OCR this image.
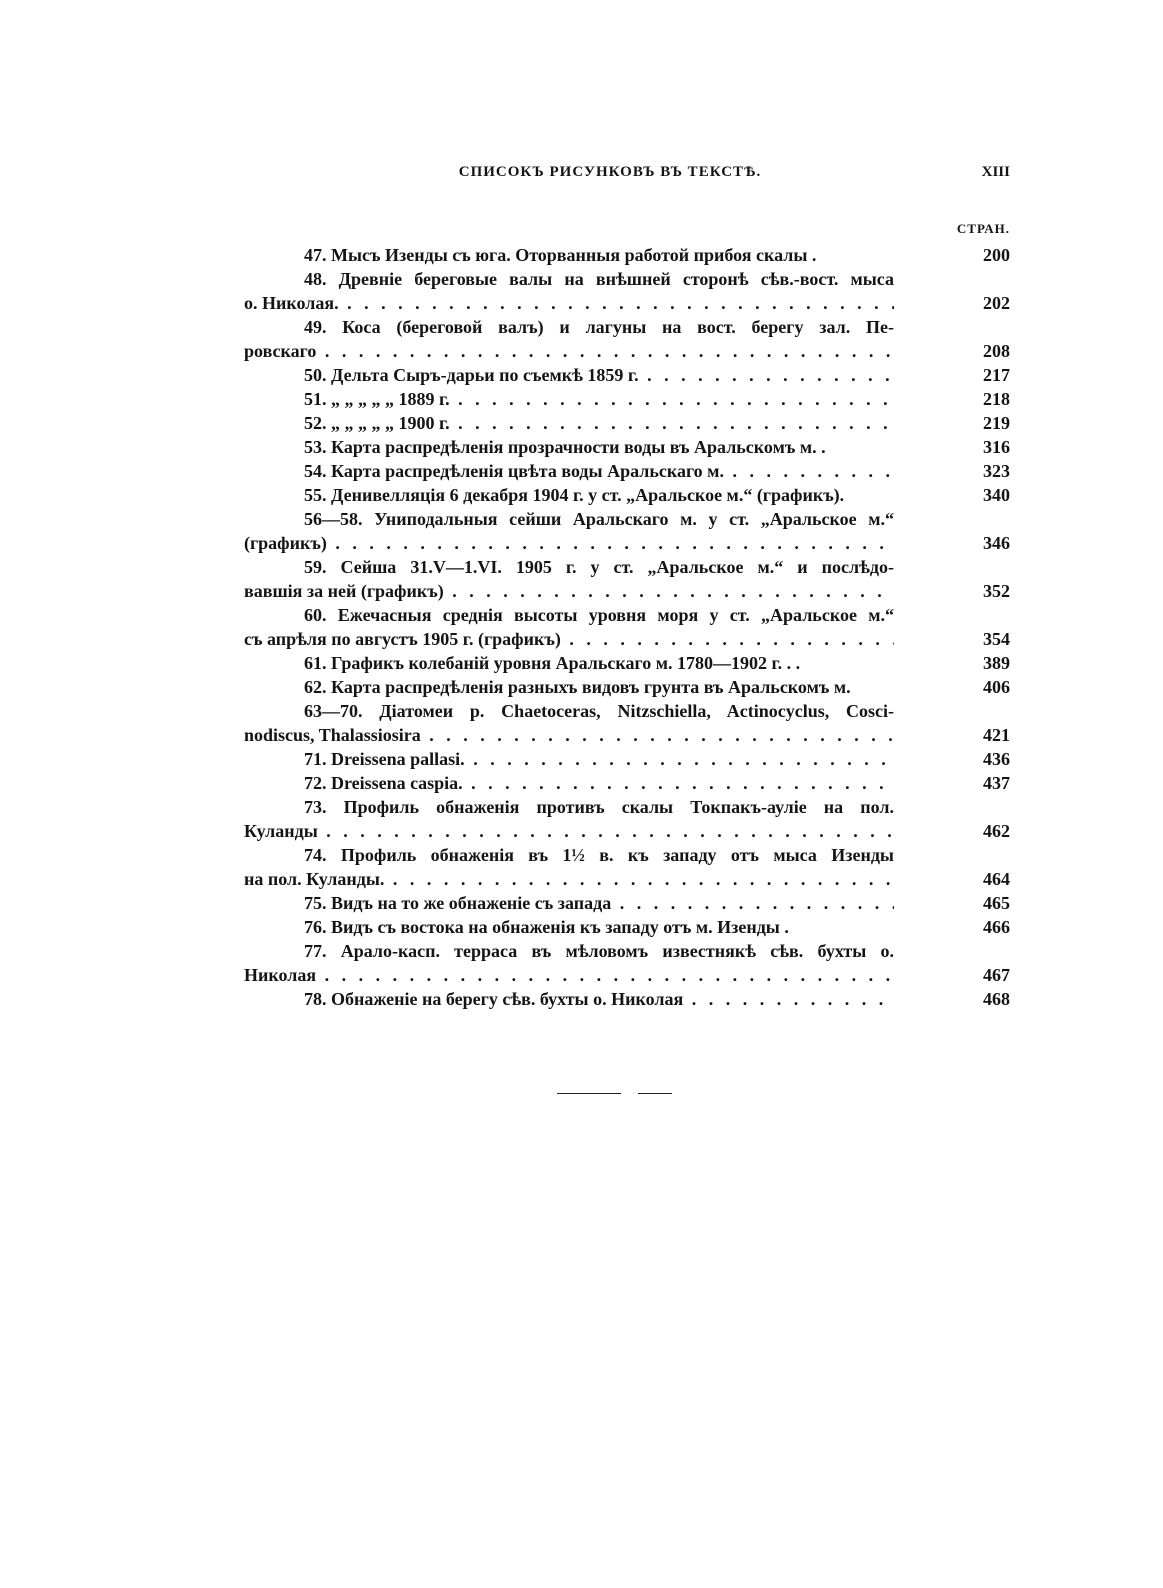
СПИСОКЪ РИСУНКОВЪ ВЪ ТЕКСТѢ.	XIII
СТРАН.
47. Мысъ Изенды съ юга. Оторванныя работой прибоя скалы .	200
48. Древніе береговые валы на внѣшней сторонѣ сѣв.-вост. мыса
о. Николая. . . .	202
49. Коса (береговой валъ) и лагуны на вост. берегу зал. Пе-
ровскаго . . .	208
50. Дельта Сыръ-дарьи по съемкѣ 1859 г. . . .	217
51. „ „ „ „ „ 1889 г. . . .	218
52. „ „ „ „ „ 1900 г. . . .	219
53. Карта распредѣленія прозрачности воды въ Аральскомъ м. .	316
54. Карта распредѣленія цвѣта воды Аральскаго м. . . .	323
55. Денивелляція 6 декабря 1904 г. у ст. „Аральское м.“ (графикъ).	340
56—58. Униподальныя сейши Аральскаго м. у ст. „Аральское м.“
(графикъ) . . .	346
59. Сейша 31.V—1.VI. 1905 г. у ст. „Аральское м.“ и послѣдо-
вавшія за ней (графикъ) . . .	352
60. Ежечасныя среднія высоты уровня моря у ст. „Аральское м.“
съ апрѣля по августъ 1905 г. (графикъ) . . .	354
61. Графикъ колебаній уровня Аральскаго м. 1780—1902 г. . .	389
62. Карта распредѣленія разныхъ видовъ грунта въ Аральскомъ м.	406
63—70. Діатомеи р. Chaetoceras, Nitzschiella, Actinocyclus, Cosci-
nodiscus, Thalassiosira . . .	421
71. Dreissena pallasi. . . .	436
72. Dreissena caspia. . . .	437
73. Профиль обнаженія противъ скалы Токпакъ-ауліе на пол.
Куланды . . .	462
74. Профиль обнаженія въ 1½ в. къ западу отъ мыса Изенды
на пол. Куланды. . . .	464
75. Видъ на то же обнаженіе съ запада . . .	465
76. Видъ съ востока на обнаженія къ западу отъ м. Изенды .	466
77. Арало-касп. терраса въ мѣловомъ известнякѣ сѣв. бухты о.
Николая . . .	467
78. Обнаженіе на берегу сѣв. бухты о. Николая . . .	468
